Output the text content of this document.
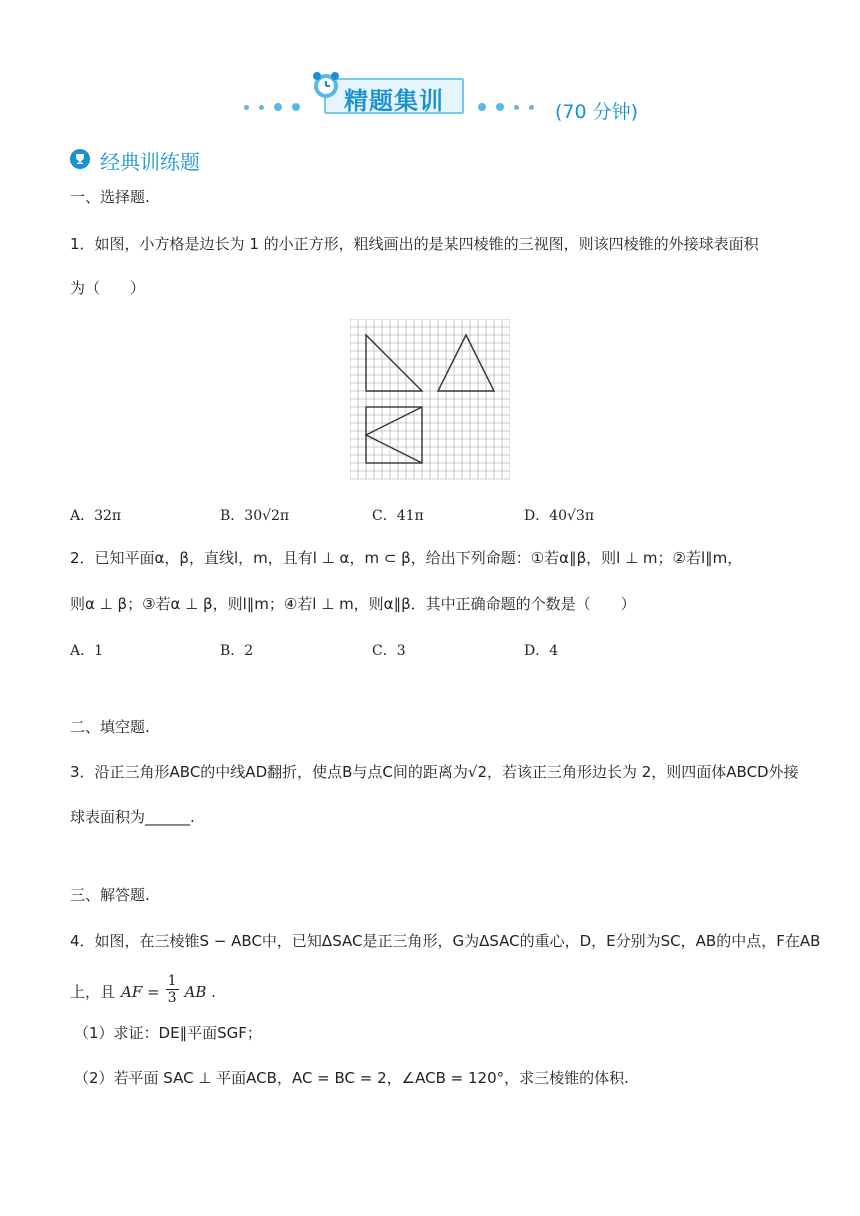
精题集训	(70 分钟)
经典训练题
一、选择题.
1．如图，小方格是边长为 1 的小正方形，粗线画出的是某四棱锥的三视图，则该四棱锥的外接球表面积
为（　　）
A．32π	B．30√2π	C．41π	D．40√3π
2．已知平面α，β，直线l，m，且有l ⊥ α，m ⊂ β，给出下列命题：①若α∥β，则l ⊥ m；②若l∥m，
则α ⊥ β；③若α ⊥ β，则l∥m；④若l ⊥ m，则α∥β．其中正确命题的个数是（　　）
A．1	B．2	C．3	D．4
二、填空题.
3．沿正三角形ABC的中线AD翻折，使点B与点C间的距离为√2，若该正三角形边长为 2，则四面体ABCD外接
球表面积为______.
三、解答题.
4．如图，在三棱锥S − ABC中，已知ΔSAC是正三角形，G为ΔSAC的重心，D，E分别为SC，AB的中点，F在AB
上，且 AF = $\frac{1}{3}$ AB .
（1）求证：DE∥平面SGF；
（2）若平面 SAC ⊥ 平面ACB，AC = BC = 2，∠ACB = 120°，求三棱锥的体积.
